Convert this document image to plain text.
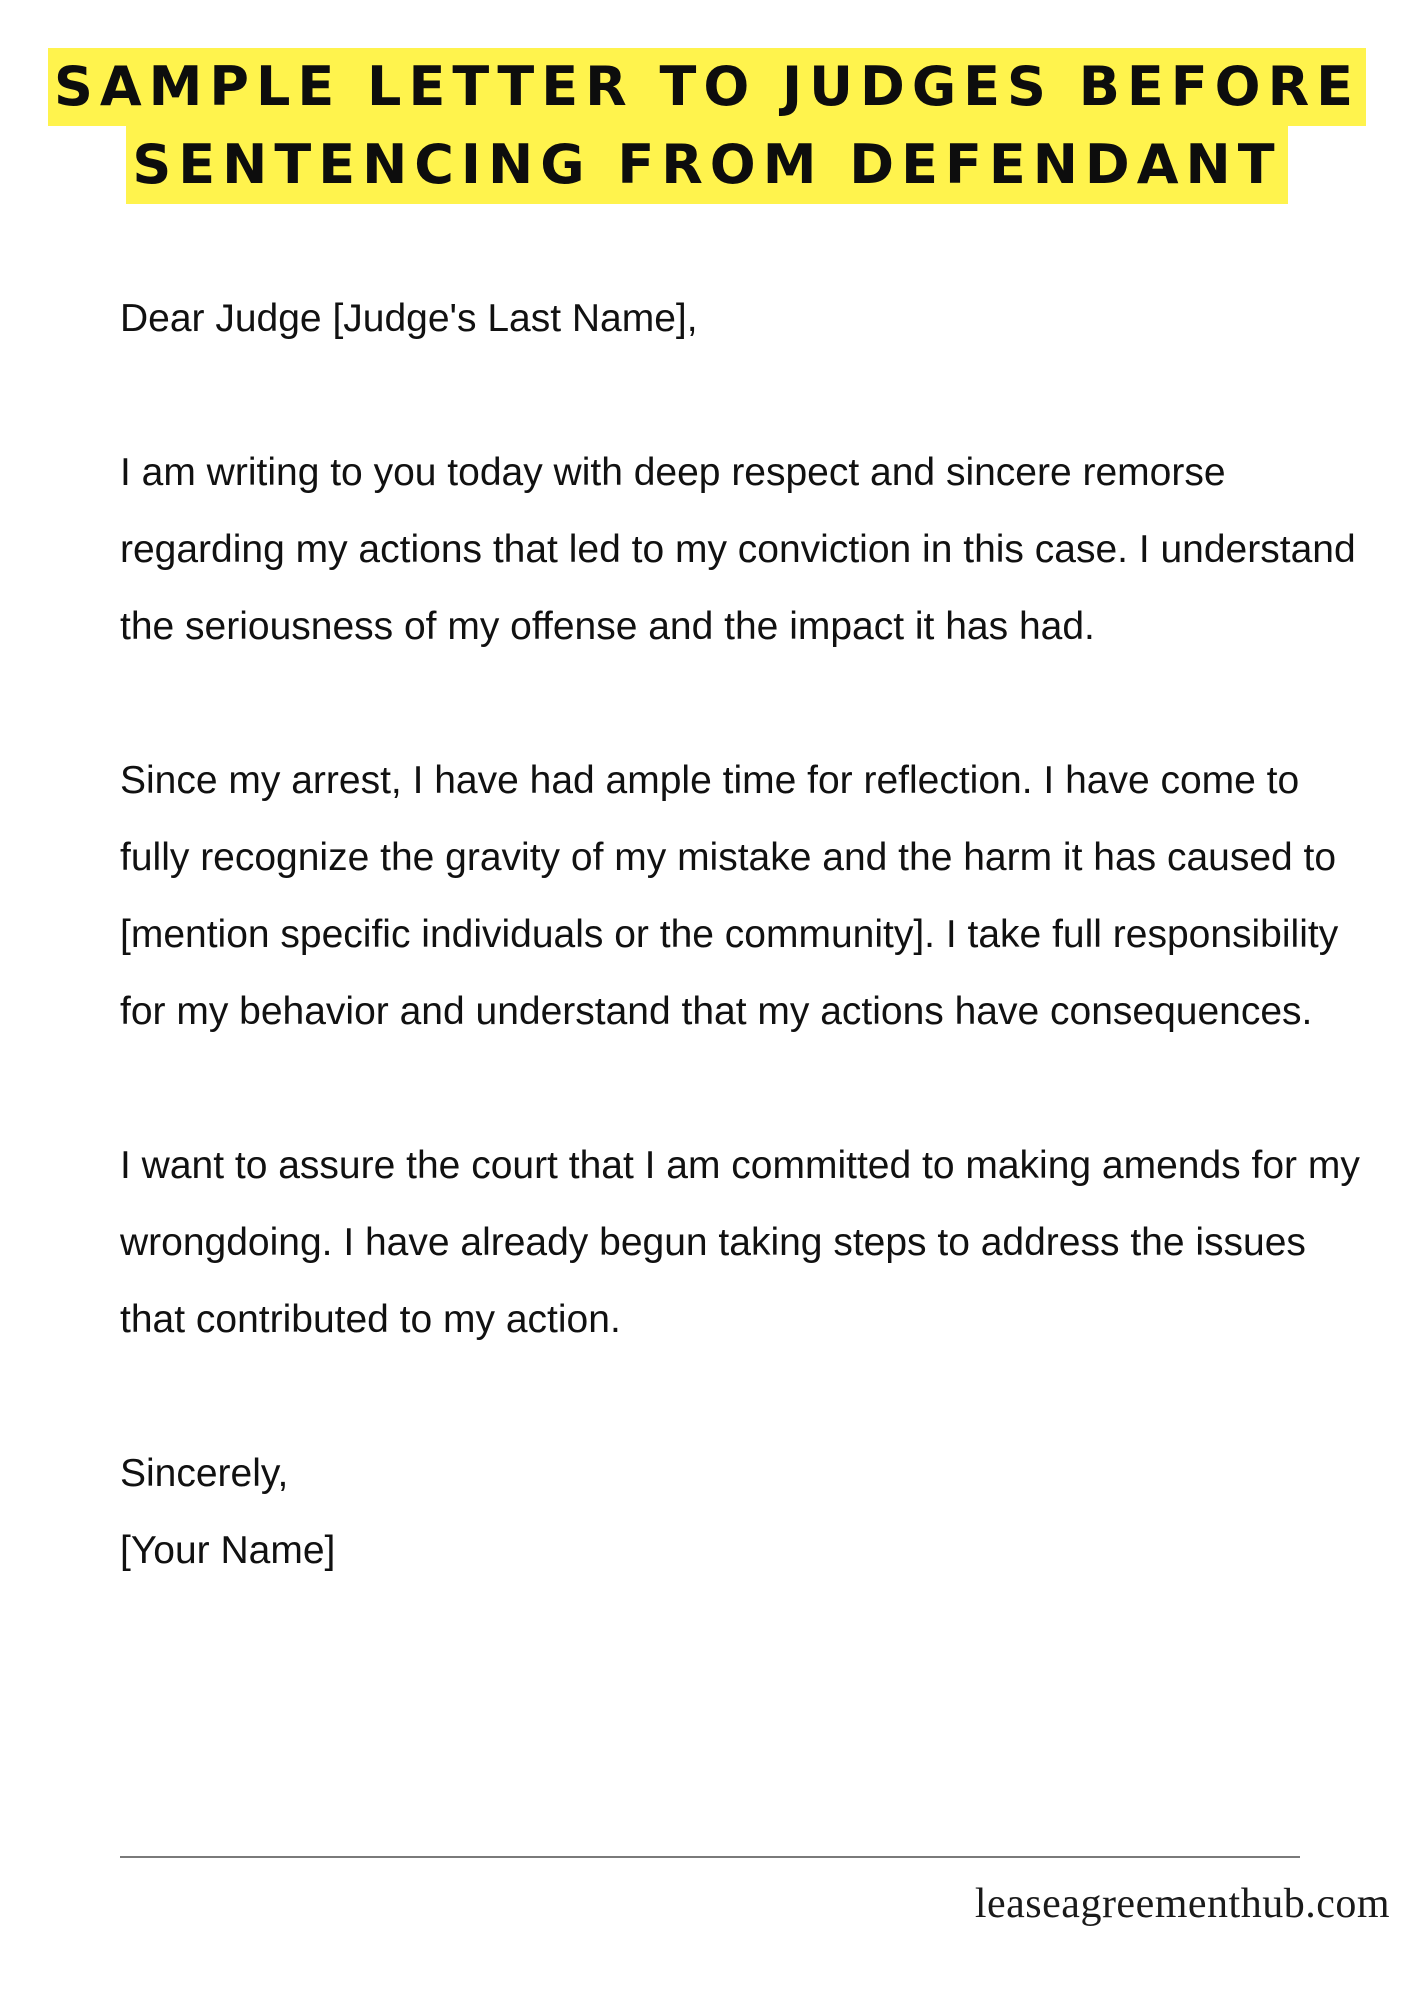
SAMPLE LETTER TO JUDGES BEFORE
SENTENCING FROM DEFENDANT

Dear Judge [Judge's Last Name],

I am writing to you today with deep respect and sincere remorse regarding my actions that led to my conviction in this case. I understand the seriousness of my offense and the impact it has had.

Since my arrest, I have had ample time for reflection. I have come to fully recognize the gravity of my mistake and the harm it has caused to [mention specific individuals or the community]. I take full responsibility for my behavior and understand that my actions have consequences.

I want to assure the court that I am committed to making amends for my wrongdoing. I have already begun taking steps to address the issues that contributed to my action.

Sincerely,
[Your Name]
leaseagreementhub.com
